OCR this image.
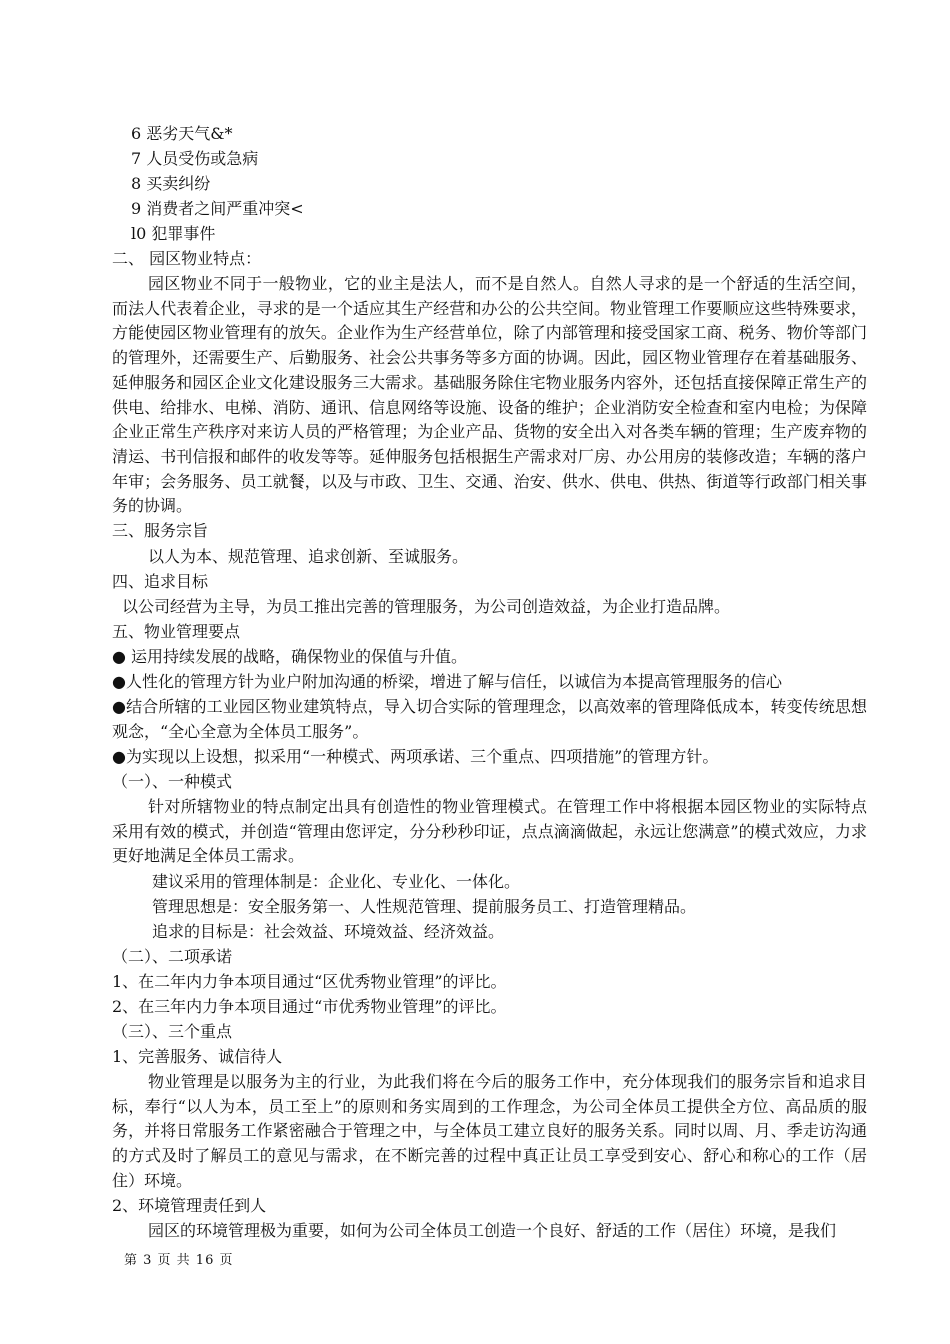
6 恶劣天气&*
7 人员受伤或急病
8 买卖纠纷
9 消费者之间严重冲突<
l0 犯罪事件
二、 园区物业特点：
园区物业不同于一般物业，它的业主是法人，而不是自然人。自然人寻求的是一个舒适的生活空间，而法人代表着企业，寻求的是一个适应其生产经营和办公的公共空间。物业管理工作要顺应这些特殊要求，方能使园区物业管理有的放矢。企业作为生产经营单位，除了内部管理和接受国家工商、税务、物价等部门的管理外，还需要生产、后勤服务、社会公共事务等多方面的协调。因此，园区物业管理存在着基础服务、延伸服务和园区企业文化建设服务三大需求。基础服务除住宅物业服务内容外，还包括直接保障正常生产的供电、给排水、电梯、消防、通讯、信息网络等设施、设备的维护；企业消防安全检查和室内电检；为保障企业正常生产秩序对来访人员的严格管理；为企业产品、货物的安全出入对各类车辆的管理；生产废弃物的清运、书刊信报和邮件的收发等等。延伸服务包括根据生产需求对厂房、办公用房的装修改造；车辆的落户年审；会务服务、员工就餐，以及与市政、卫生、交通、治安、供水、供电、供热、街道等行政部门相关事务的协调。
三、服务宗旨
以人为本、规范管理、追求创新、至诚服务。
四、追求目标
以公司经营为主导，为员工推出完善的管理服务，为公司创造效益，为企业打造品牌。
五、物业管理要点
● 运用持续发展的战略，确保物业的保值与升值。
●人性化的管理方针为业户附加沟通的桥梁，增进了解与信任，以诚信为本提高管理服务的信心
●结合所辖的工业园区物业建筑特点，导入切合实际的管理理念，以高效率的管理降低成本，转变传统思想　 观念，“全心全意为全体员工服务”。
●为实现以上设想，拟采用“一种模式、两项承诺、三个重点、四项措施”的管理方针。
（一）、一种模式
针对所辖物业的特点制定出具有创造性的物业管理模式。在管理工作中将根据本园区物业的实际特点采用有效的模式，并创造“管理由您评定，分分秒秒印证，点点滴滴做起，永远让您满意”的模式效应，力求更好地满足全体员工需求。
建议采用的管理体制是：企业化、专业化、一体化。
管理思想是：安全服务第一、人性规范管理、提前服务员工、打造管理精品。
追求的目标是：社会效益、环境效益、经济效益。
（二）、二项承诺
1、在二年内力争本项目通过“区优秀物业管理”的评比。
2、在三年内力争本项目通过“市优秀物业管理”的评比。
（三）、三个重点
1、完善服务、诚信待人
物业管理是以服务为主的行业，为此我们将在今后的服务工作中，充分体现我们的服务宗旨和追求目标，奉行“以人为本，员工至上”的原则和务实周到的工作理念，为公司全体员工提供全方位、高品质的服务，并将日常服务工作紧密融合于管理之中，与全体员工建立良好的服务关系。同时以周、月、季走访沟通的方式及时了解员工的意见与需求，在不断完善的过程中真正让员工享受到安心、舒心和称心的工作（居住）环境。
2、环境管理责任到人
园区的环境管理极为重要，如何为公司全体员工创造一个良好、舒适的工作（居住）环境，是我们
第 3 页 共 16 页
